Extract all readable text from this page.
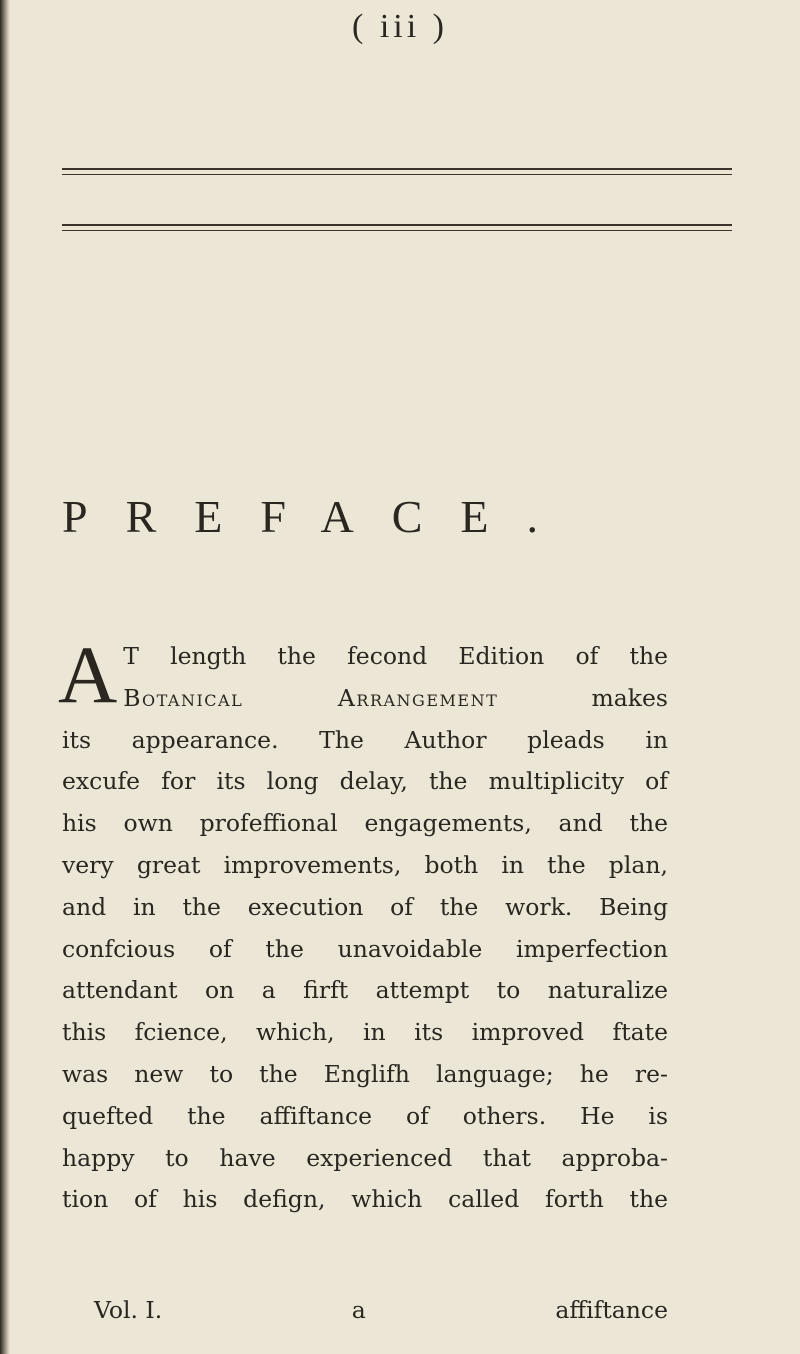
( iii )
PREFACE.
A T length the fecond Edition of the
Botanical Arrangement makes
its appearance. The Author pleads in
excufe for its long delay, the multiplicity of
his own profeffional engagements, and the
very great improvements, both in the plan,
and in the execution of the work. Being
confcious of the unavoidable imperfection
attendant on a firft attempt to naturalize
this fcience, which, in its improved ftate
was new to the Englifh language; he re-
quefted the affiftance of others. He is
happy to have experienced that approba-
tion of his defign, which called forth the
Vol. I.	a	affiftance
